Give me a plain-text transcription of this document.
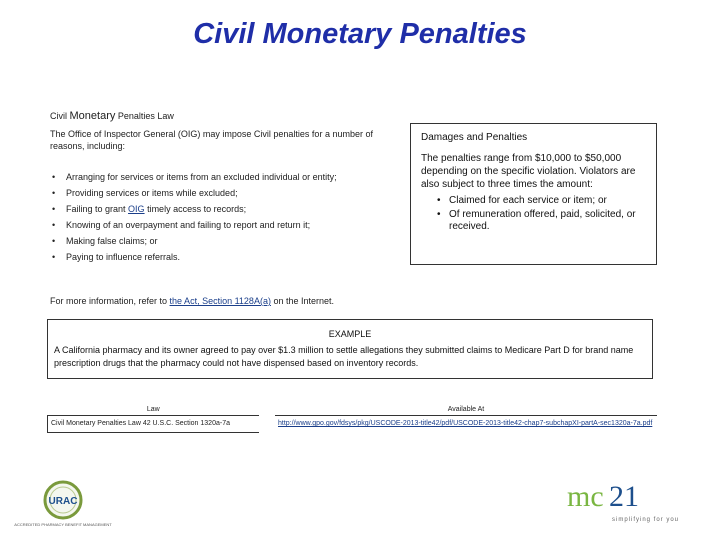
Civil Monetary Penalties
Civil Monetary Penalties Law
The Office of Inspector General (OIG) may impose Civil penalties for a number of reasons, including:
• Arranging for services or items from an excluded individual or entity;
• Providing services or items while excluded;
• Failing to grant OIG timely access to records;
• Knowing of an overpayment and failing to report and return it;
• Making false claims; or
• Paying to influence referrals.
Damages and Penalties
The penalties range from $10,000 to $50,000 depending on the specific violation. Violators are also subject to three times the amount:
• Claimed for each service or item; or
• Of remuneration offered, paid, solicited, or received.
For more information, refer to the Act, Section 1128A(a) on the Internet.
EXAMPLE
A California pharmacy and its owner agreed to pay over $1.3 million to settle allegations they submitted claims to Medicare Part D for brand name prescription drugs that the pharmacy could not have dispensed based on inventory records.
Law		Available At
Civil Monetary Penalties Law 42 U.S.C. Section 1320a-7a		http://www.gpo.gov/fdsys/pkg/USCODE-2013-title42/pdf/USCODE-2013-title42-chap7-subchapXI-partA-sec1320a-7a.pdf
URAC
ACCREDITED PHARMACY BENEFIT MANAGEMENT
mc 21
simplifying for you
